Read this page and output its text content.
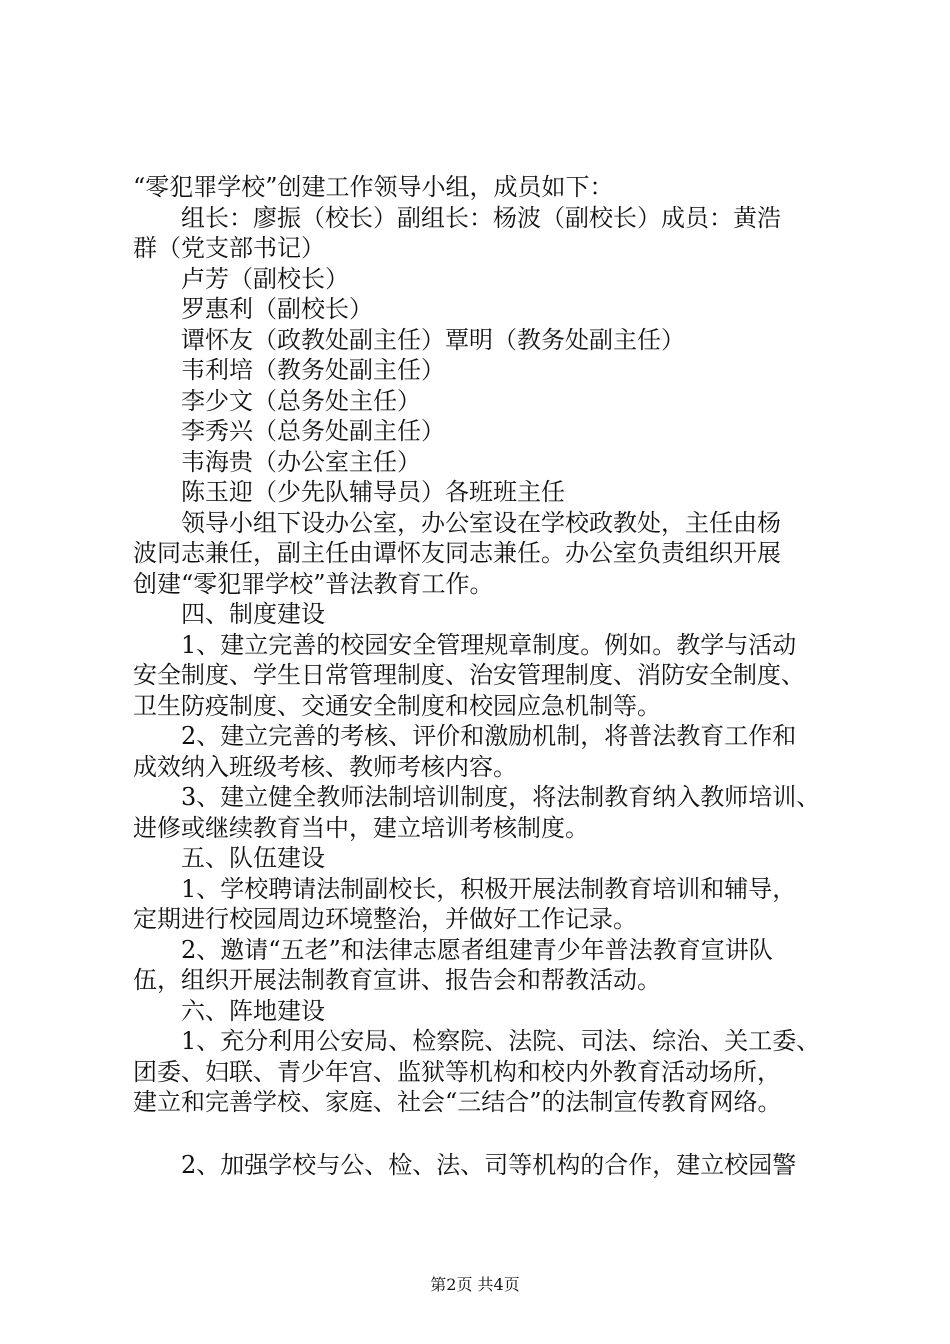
“零犯罪学校”创建工作领导小组，成员如下：
组长：廖振（校长）副组长：杨波（副校长）成员：黄浩
群（党支部书记）
卢芳（副校长）
罗惠利（副校长）
谭怀友（政教处副主任）覃明（教务处副主任）
韦利培（教务处副主任）
李少文（总务处主任）
李秀兴（总务处副主任）
韦海贵（办公室主任）
陈玉迎（少先队辅导员）各班班主任
领导小组下设办公室，办公室设在学校政教处，主任由杨
波同志兼任，副主任由谭怀友同志兼任。办公室负责组织开展
创建“零犯罪学校”普法教育工作。
四、制度建设
1、建立完善的校园安全管理规章制度。例如。教学与活动
安全制度、学生日常管理制度、治安管理制度、消防安全制度、
卫生防疫制度、交通安全制度和校园应急机制等。
2、建立完善的考核、评价和激励机制，将普法教育工作和
成效纳入班级考核、教师考核内容。
3、建立健全教师法制培训制度，将法制教育纳入教师培训、
进修或继续教育当中，建立培训考核制度。
五、队伍建设
1、学校聘请法制副校长，积极开展法制教育培训和辅导，
定期进行校园周边环境整治，并做好工作记录。
2、邀请“五老”和法律志愿者组建青少年普法教育宣讲队
伍，组织开展法制教育宣讲、报告会和帮教活动。
六、阵地建设
1、充分利用公安局、检察院、法院、司法、综治、关工委、
团委、妇联、青少年宫、监狱等机构和校内外教育活动场所，
建立和完善学校、家庭、社会“三结合”的法制宣传教育网络。
2、加强学校与公、检、法、司等机构的合作，建立校园警
第2页 共4页
